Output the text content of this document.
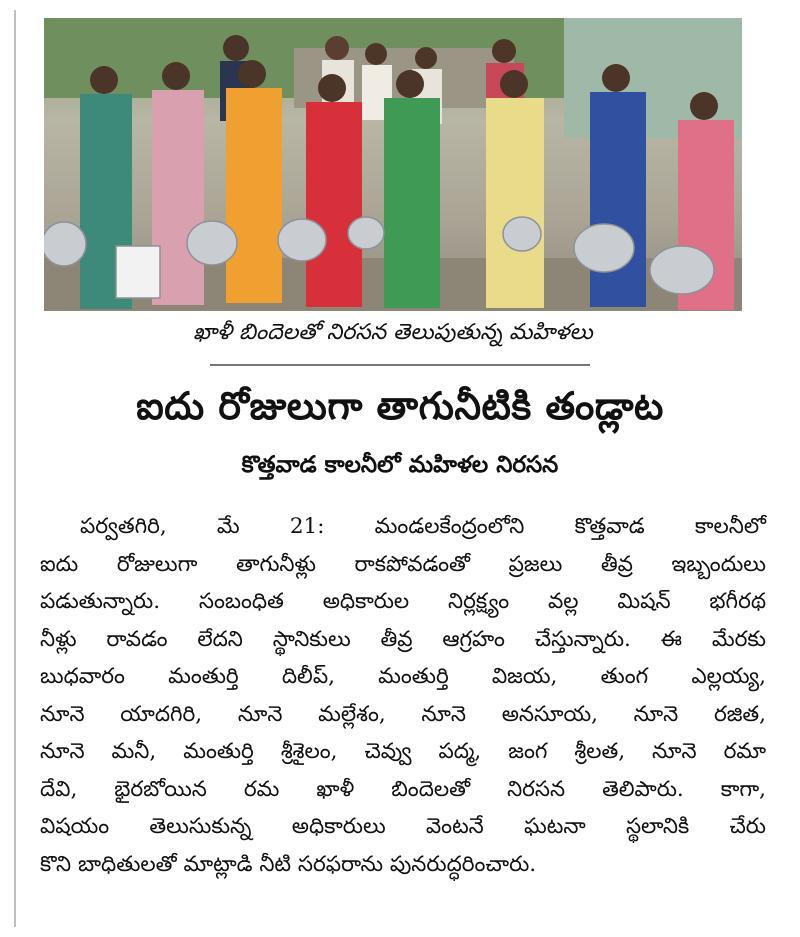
ఖాళీ బిందెలతో నిరసన తెలుపుతున్న మహిళలు
ఐదు రోజులుగా తాగునీటికి తండ్లాట
కొత్తవాడ కాలనీలో మహిళల నిరసన
పర్వతగిరి, మే 21: మండలకేంద్రంలోని కొత్తవాడ కాలనీలో
ఐదు రోజులుగా తాగునీళ్లు రాకపోవడంతో ప్రజలు తీవ్ర ఇబ్బందులు
పడుతున్నారు. సంబంధిత అధికారుల నిర్లక్ష్యం వల్ల మిషన్ భగీరథ
నీళ్లు రావడం లేదని స్థానికులు తీవ్ర ఆగ్రహం చేస్తున్నారు. ఈ మేరకు
బుధవారం మంతుర్తి దిలీప్, మంతుర్తి విజయ, తుంగ ఎల్లయ్య,
నూనె యాదగిరి, నూనె మల్లేశం, నూనె అనసూయ, నూనె రజిత,
నూనె మనీ, మంతుర్తి శ్రీశైలం, చెవ్వు పద్మ, జంగ శ్రీలత, నూనె రమా
దేవి, భైరబోయిన రమ ఖాళీ బిందెలతో నిరసన తెలిపారు. కాగా,
విషయం తెలుసుకున్న అధికారులు వెంటనే ఘటనా స్థలానికి చేరు
కొని బాధితులతో మాట్లాడి నీటి సరఫరాను పునరుద్ధరించారు.
